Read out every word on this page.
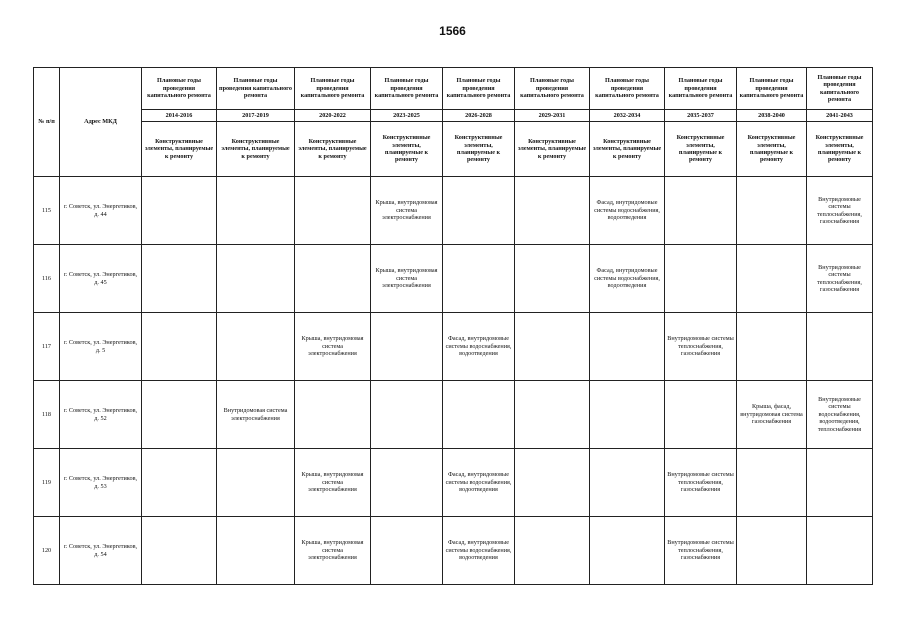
1566
№ п/п	Адрес МКД	Плановые годы проведения капитального ремонта	Плановые годы проведения капитального ремонта	Плановые годы проведения капитального ремонта	Плановые годы проведения капитального ремонта	Плановые годы проведения капитального ремонта	Плановые годы проведения капитального ремонта	Плановые годы проведения капитального ремонта	Плановые годы проведения капитального ремонта	Плановые годы проведения капитального ремонта	Плановые годы проведения капитального ремонта
		2014-2016	2017-2019	2020-2022	2023-2025	2026-2028	2029-2031	2032-2034	2035-2037	2038-2040	2041-2043
		Конструктивные элементы, планируемые к ремонту	Конструктивные элементы, планируемые к ремонту	Конструктивные элементы, планируемые к ремонту	Конструктивные элементы, планируемые к ремонту	Конструктивные элементы, планируемые к ремонту	Конструктивные элементы, планируемые к ремонту	Конструктивные элементы, планируемые к ремонту	Конструктивные элементы, планируемые к ремонту	Конструктивные элементы, планируемые к ремонту	Конструктивные элементы, планируемые к ремонту
115	г. Советск, ул. Энергетиков, д. 44				Крыша, внутридомовая система электроснабжения			Фасад, внутридомовые системы водоснабжения, водоотведения			Внутридомовые системы теплоснабжения, газоснабжения
116	г. Советск, ул. Энергетиков, д. 45				Крыша, внутридомовая система электроснабжения			Фасад, внутридомовые системы водоснабжения, водоотведения			Внутридомовые системы теплоснабжения, газоснабжения
117	г. Советск, ул. Энергетиков, д. 5			Крыша, внутридомовая система электроснабжения		Фасад, внутридомовые системы водоснабжения, водоотведения			Внутридомовые системы теплоснабжения, газоснабжения		
118	г. Советск, ул. Энергетиков, д. 52		Внутридомовая система электроснабжения							Крыша, фасад, внутридомовая система газоснабжения	Внутридомовые системы водоснабжения, водоотведения, теплоснабжения
119	г. Советск, ул. Энергетиков, д. 53			Крыша, внутридомовая система электроснабжения		Фасад, внутридомовые системы водоснабжения, водоотведения			Внутридомовые системы теплоснабжения, газоснабжения		
120	г. Советск, ул. Энергетиков, д. 54			Крыша, внутридомовая система электроснабжения		Фасад, внутридомовые системы водоснабжения, водоотведения			Внутридомовые системы теплоснабжения, газоснабжения		
